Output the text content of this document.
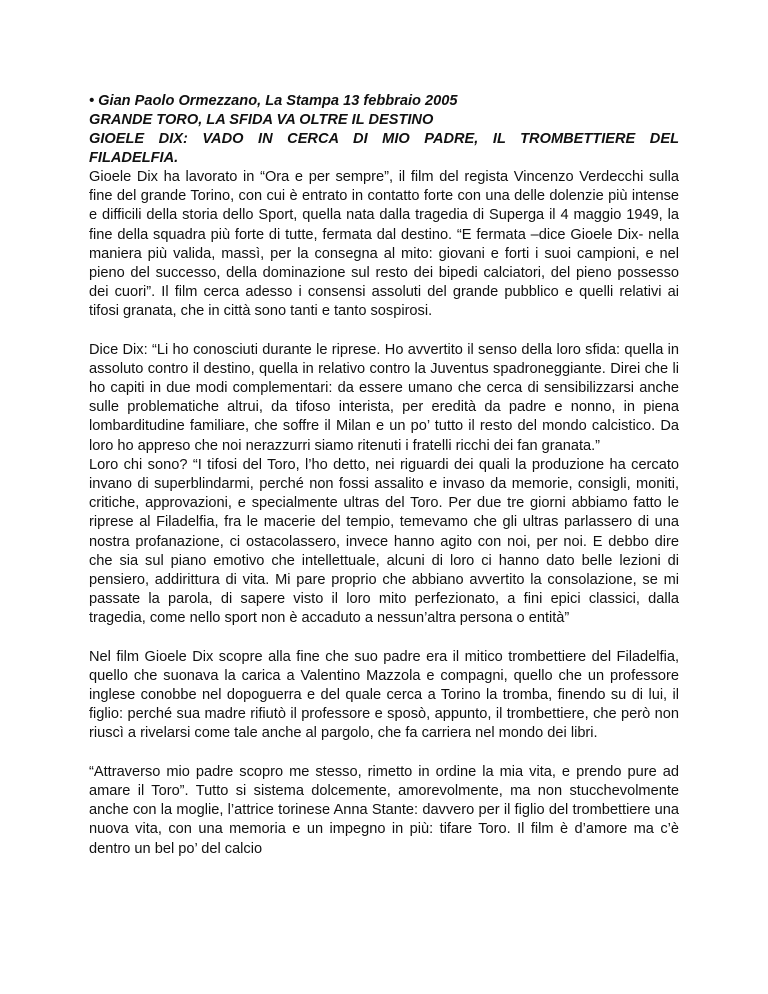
• Gian Paolo Ormezzano, La Stampa 13 febbraio 2005
GRANDE TORO, LA SFIDA VA OLTRE IL DESTINO
GIOELE DIX: VADO IN CERCA DI MIO PADRE, IL TROMBETTIERE DEL
FILADELFIA.

Gioele Dix ha lavorato in “Ora e per sempre”, il film del regista Vincenzo Verdecchi sulla fine del grande Torino, con cui è entrato in contatto forte con una delle dolenzie più intense e difficili della storia dello Sport, quella nata dalla tragedia di Superga il 4 maggio 1949, la fine della squadra più forte di tutte, fermata dal destino. “E fermata –dice Gioele Dix- nella maniera più valida, massì, per la consegna al mito: giovani e forti i suoi campioni, e nel pieno del successo, della dominazione sul resto dei bipedi calciatori, del pieno possesso dei cuori”. Il film cerca adesso i consensi assoluti del grande pubblico e quelli relativi ai tifosi granata, che in città sono tanti e tanto sospirosi.

Dice Dix: “Li ho conosciuti durante le riprese. Ho avvertito il senso della loro sfida: quella in assoluto contro il destino, quella in relativo contro la Juventus spadroneggiante. Direi che li ho capiti in due modi complementari: da essere umano che cerca di sensibilizzarsi anche sulle problematiche altrui, da tifoso interista, per eredità da padre e nonno, in piena lombarditudine familiare, che soffre il Milan e un po’ tutto il resto del mondo calcistico. Da loro ho appreso che noi nerazzurri siamo ritenuti i fratelli ricchi dei fan granata.”

Loro chi sono? “I tifosi del Toro, l’ho detto, nei riguardi dei quali la produzione ha cercato invano di superblindarmi, perché non fossi assalito e invaso da memorie, consigli, moniti, critiche, approvazioni, e specialmente ultras del Toro. Per due tre giorni abbiamo fatto le riprese al Filadelfia, fra le macerie del tempio, temevamo che gli ultras parlassero di una nostra profanazione, ci ostacolassero, invece hanno agito con noi, per noi. E debbo dire che sia sul piano emotivo che intellettuale, alcuni di loro ci hanno dato belle lezioni di pensiero, addirittura di vita. Mi pare proprio che abbiano avvertito la consolazione, se mi passate la parola, di sapere visto il loro mito perfezionato, a fini epici classici, dalla tragedia, come nello sport non è accaduto a nessun’altra persona o entità”

Nel film Gioele Dix scopre alla fine che suo padre era il mitico trombettiere del Filadelfia, quello che suonava la carica a Valentino Mazzola e compagni, quello che un professore inglese conobbe nel dopoguerra e del quale cerca a Torino la tromba, finendo su di lui, il figlio: perché sua madre rifiutò il professore e sposò, appunto, il trombettiere, che però non riuscì a rivelarsi come tale anche al pargolo, che fa carriera nel mondo dei libri.

“Attraverso mio padre scopro me stesso, rimetto in ordine la mia vita, e prendo pure ad amare il Toro”. Tutto si sistema dolcemente, amorevolmente, ma non stucchevolmente anche con la moglie, l’attrice torinese Anna Stante: davvero per il figlio del trombettiere una nuova vita, con una memoria e un impegno in più: tifare Toro. Il film è d’amore ma c’è dentro un bel po’ del calcio
